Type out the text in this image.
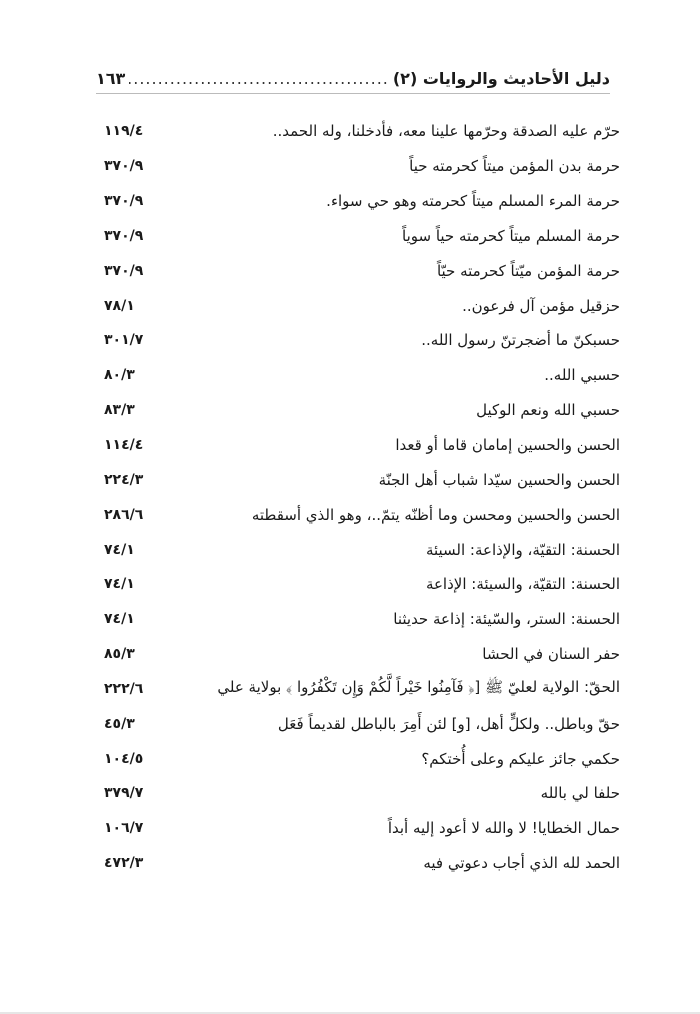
دليل الأحاديث والروايات (٢)
.....
١٦٣
حرّم عليه الصدقة وحرّمها علينا معه، فأدخلنا، وله الحمد..
١١٩/٤
حرمة بدن المؤمن ميتاً كحرمته حياً
٣٧٠/٩
حرمة المرء المسلم ميتاً كحرمته وهو حي سواء.
٣٧٠/٩
حرمة المسلم ميتاً كحرمته حياً سوياً
٣٧٠/٩
حرمة المؤمن ميّتاً كحرمته حيّاً
٣٧٠/٩
حزقيل مؤمن آل فرعون..
٧٨/١
حسبكنّ ما أضجرتنّ رسول الله..
٣٠١/٧
حسبي الله..
٨٠/٣
حسبي الله ونعم الوكيل
٨٣/٣
الحسن والحسين إمامان قاما أو قعدا
١١٤/٤
الحسن والحسين سيّدا شباب أهل الجنّة
٢٢٤/٣
الحسن والحسين ومحسن وما أظنّه يتمّ..، وهو الذي أسقطته
٢٨٦/٦
الحسنة: التقيّة، والإذاعة: السيئة
٧٤/١
الحسنة: التقيّة، والسيئة: الإذاعة
٧٤/١
الحسنة: الستر، والسّيئة: إذاعة حديثنا
٧٤/١
حفر السنان في الحشا
٨٥/٣
الحقّ: الولاية لعليّ ﷺ [﴿ فَآمِنُوا خَيْراً لَّكُمْ وَإِن تَكْفُرُوا ﴾ بولاية علي
٢٢٢/٦
حقّ وباطل.. ولكلٍّ أهل، [و] لئن أَمِرَ بالباطل لقديماً فَعَل
٤٥/٣
حكمي جائز عليكم وعلى أُختكم؟
١٠٤/٥
حلفا لي بالله
٣٧٩/٧
حمال الخطايا! لا والله لا أعود إليه أبداً
١٠٦/٧
الحمد لله الذي أجاب دعوتي فيه
٤٧٢/٣
